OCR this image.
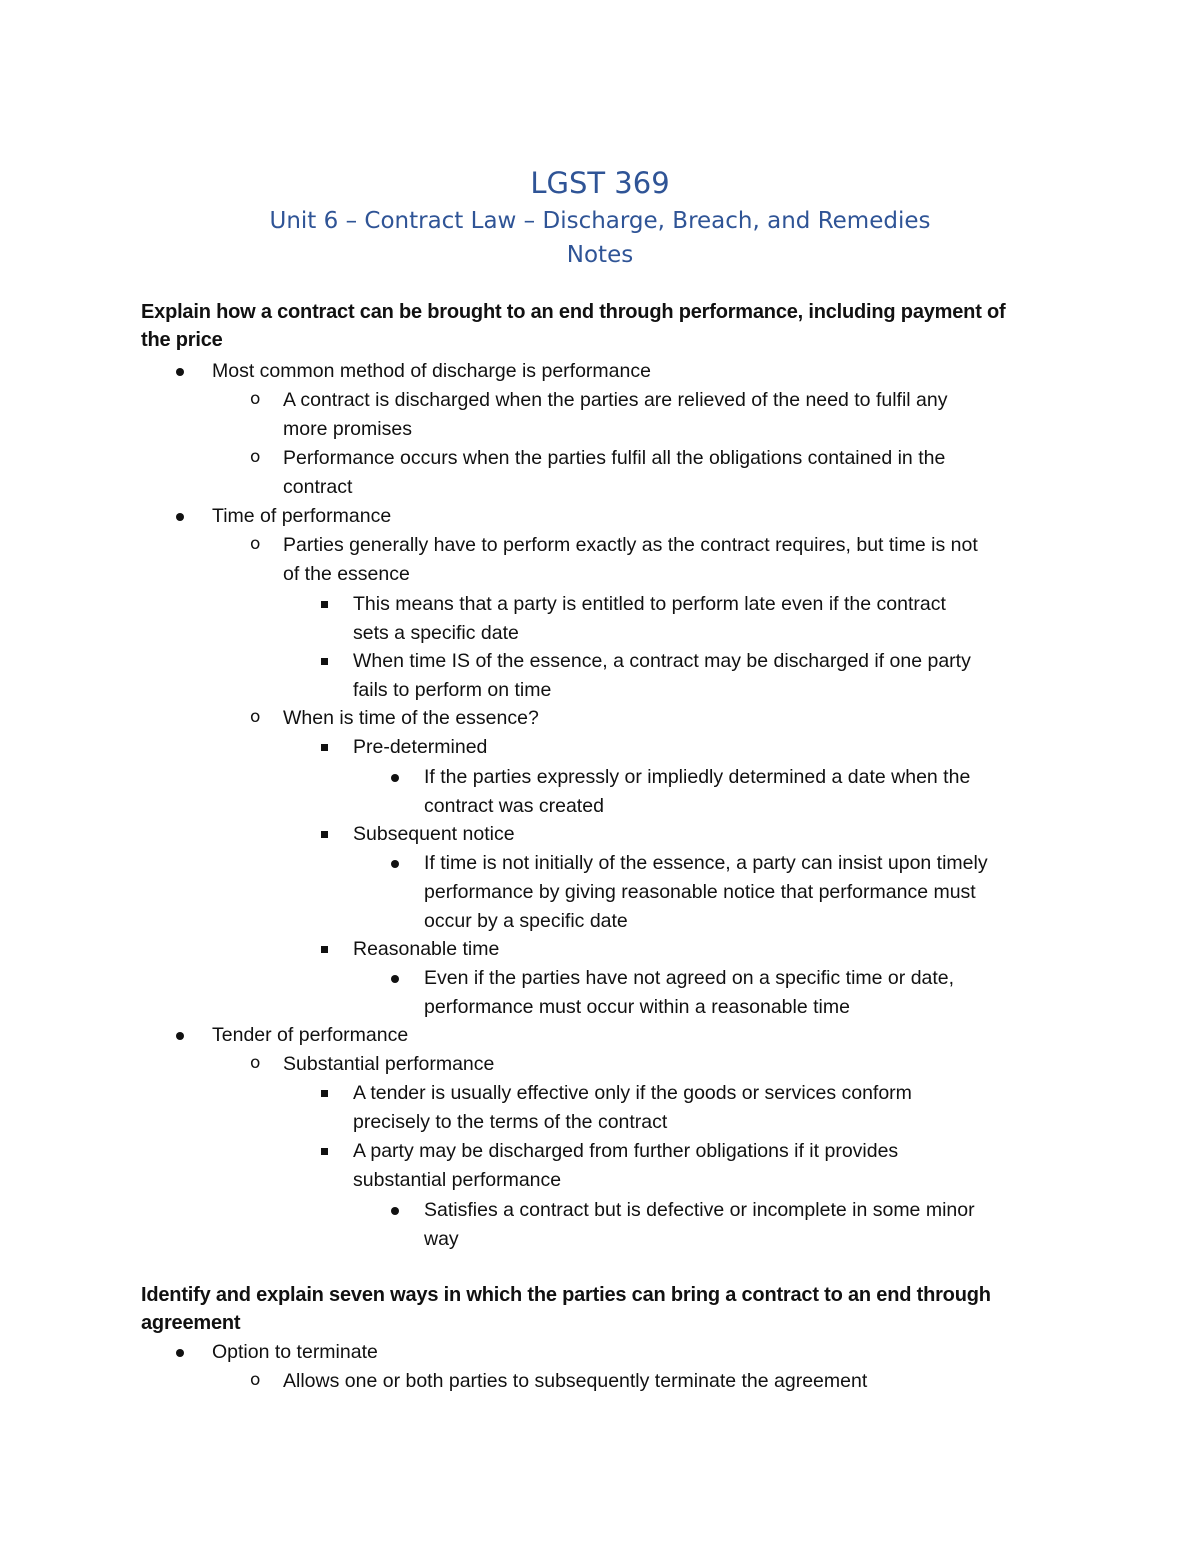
LGST 369
Unit 6 – Contract Law – Discharge, Breach, and Remedies
Notes
Explain how a contract can be brought to an end through performance, including payment of
the price
Identify and explain seven ways in which the parties can bring a contract to an end through
agreement
Most common method of discharge is performance
o A contract is discharged when the parties are relieved of the need to fulfil any
more promises
o Performance occurs when the parties fulfil all the obligations contained in the
contract
Time of performance
o Parties generally have to perform exactly as the contract requires, but time is not
of the essence
This means that a party is entitled to perform late even if the contract
sets a specific date
When time IS of the essence, a contract may be discharged if one party
fails to perform on time
o When is time of the essence?
Pre-determined
If the parties expressly or impliedly determined a date when the
contract was created
Subsequent notice
If time is not initially of the essence, a party can insist upon timely
performance by giving reasonable notice that performance must
occur by a specific date
Reasonable time
Even if the parties have not agreed on a specific time or date,
performance must occur within a reasonable time
Tender of performance
o Substantial performance
A tender is usually effective only if the goods or services conform
precisely to the terms of the contract
A party may be discharged from further obligations if it provides
substantial performance
Satisfies a contract but is defective or incomplete in some minor
way
Option to terminate
o Allows one or both parties to subsequently terminate the agreement
